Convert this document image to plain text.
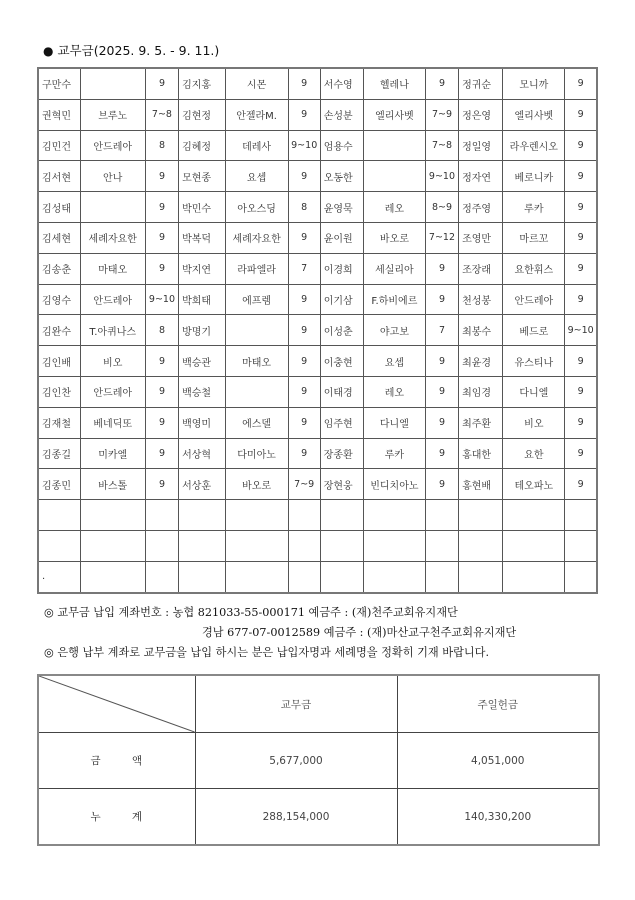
● 교무금(2025. 9. 5. - 9. 11.)
구만수		9	김지홍	시몬	9	서수영	헬레나	9	정귀순	모니까	9
권혁민	브루노	7~8	김현정	안젤라M.	9	손성분	엘리사벳	7~9	정은영	엘리사벳	9
김민건	안드레아	8	김혜정	데레사	9~10	엄용수		7~8	정일영	라우렌시오	9
김서현	안나	9	모현종	요셉	9	오동한		9~10	정자연	베로니카	9
김성태		9	박민수	아오스딩	8	윤영묵	레오	8~9	정주영	루카	9
김세현	세례자요한	9	박복덕	세례자요한	9	윤이원	바오로	7~12	조영만	마르꼬	9
김송춘	마태오	9	박지연	라파엘라	7	이경희	세실리아	9	조장래	요한휘스	9
김영수	안드레아	9~10	박희태	에프렘	9	이기삼	F.하비에르	9	천성봉	안드레아	9
김완수	T.아퀴나스	8	방명기		9	이성춘	야고보	7	최봉수	베드로	9~10
김인배	비오	9	백승관	마태오	9	이충현	요셉	9	최윤경	유스티나	9
김인찬	안드레아	9	백승철		9	이태경	레오	9	최임경	다니엘	9
김재철	베네딕또	9	백영미	에스델	9	임주현	다니엘	9	최주환	비오	9
김종길	미카엘	9	서상혁	다미아노	9	장종환	루카	9	홍대한	요한	9
김종민	바스톨	9	서상훈	바오로	7~9	장현웅	빈디치아노	9	홍현배	테오파노	9

.											
◎ 교무금 납입 계좌번호 : 농협 821033-55-000171 예금주 : (재)천주교회유지재단
경남 677-07-0012589 예금주 : (재)마산교구천주교회유지재단
◎ 은행 납부 계좌로 교무금을 납입 하시는 분은 납입자명과 세례명을 정확히 기재 바랍니다.
	교무금	주일헌금
금 액	5,677,000	4,051,000
누 계	288,154,000	140,330,200
